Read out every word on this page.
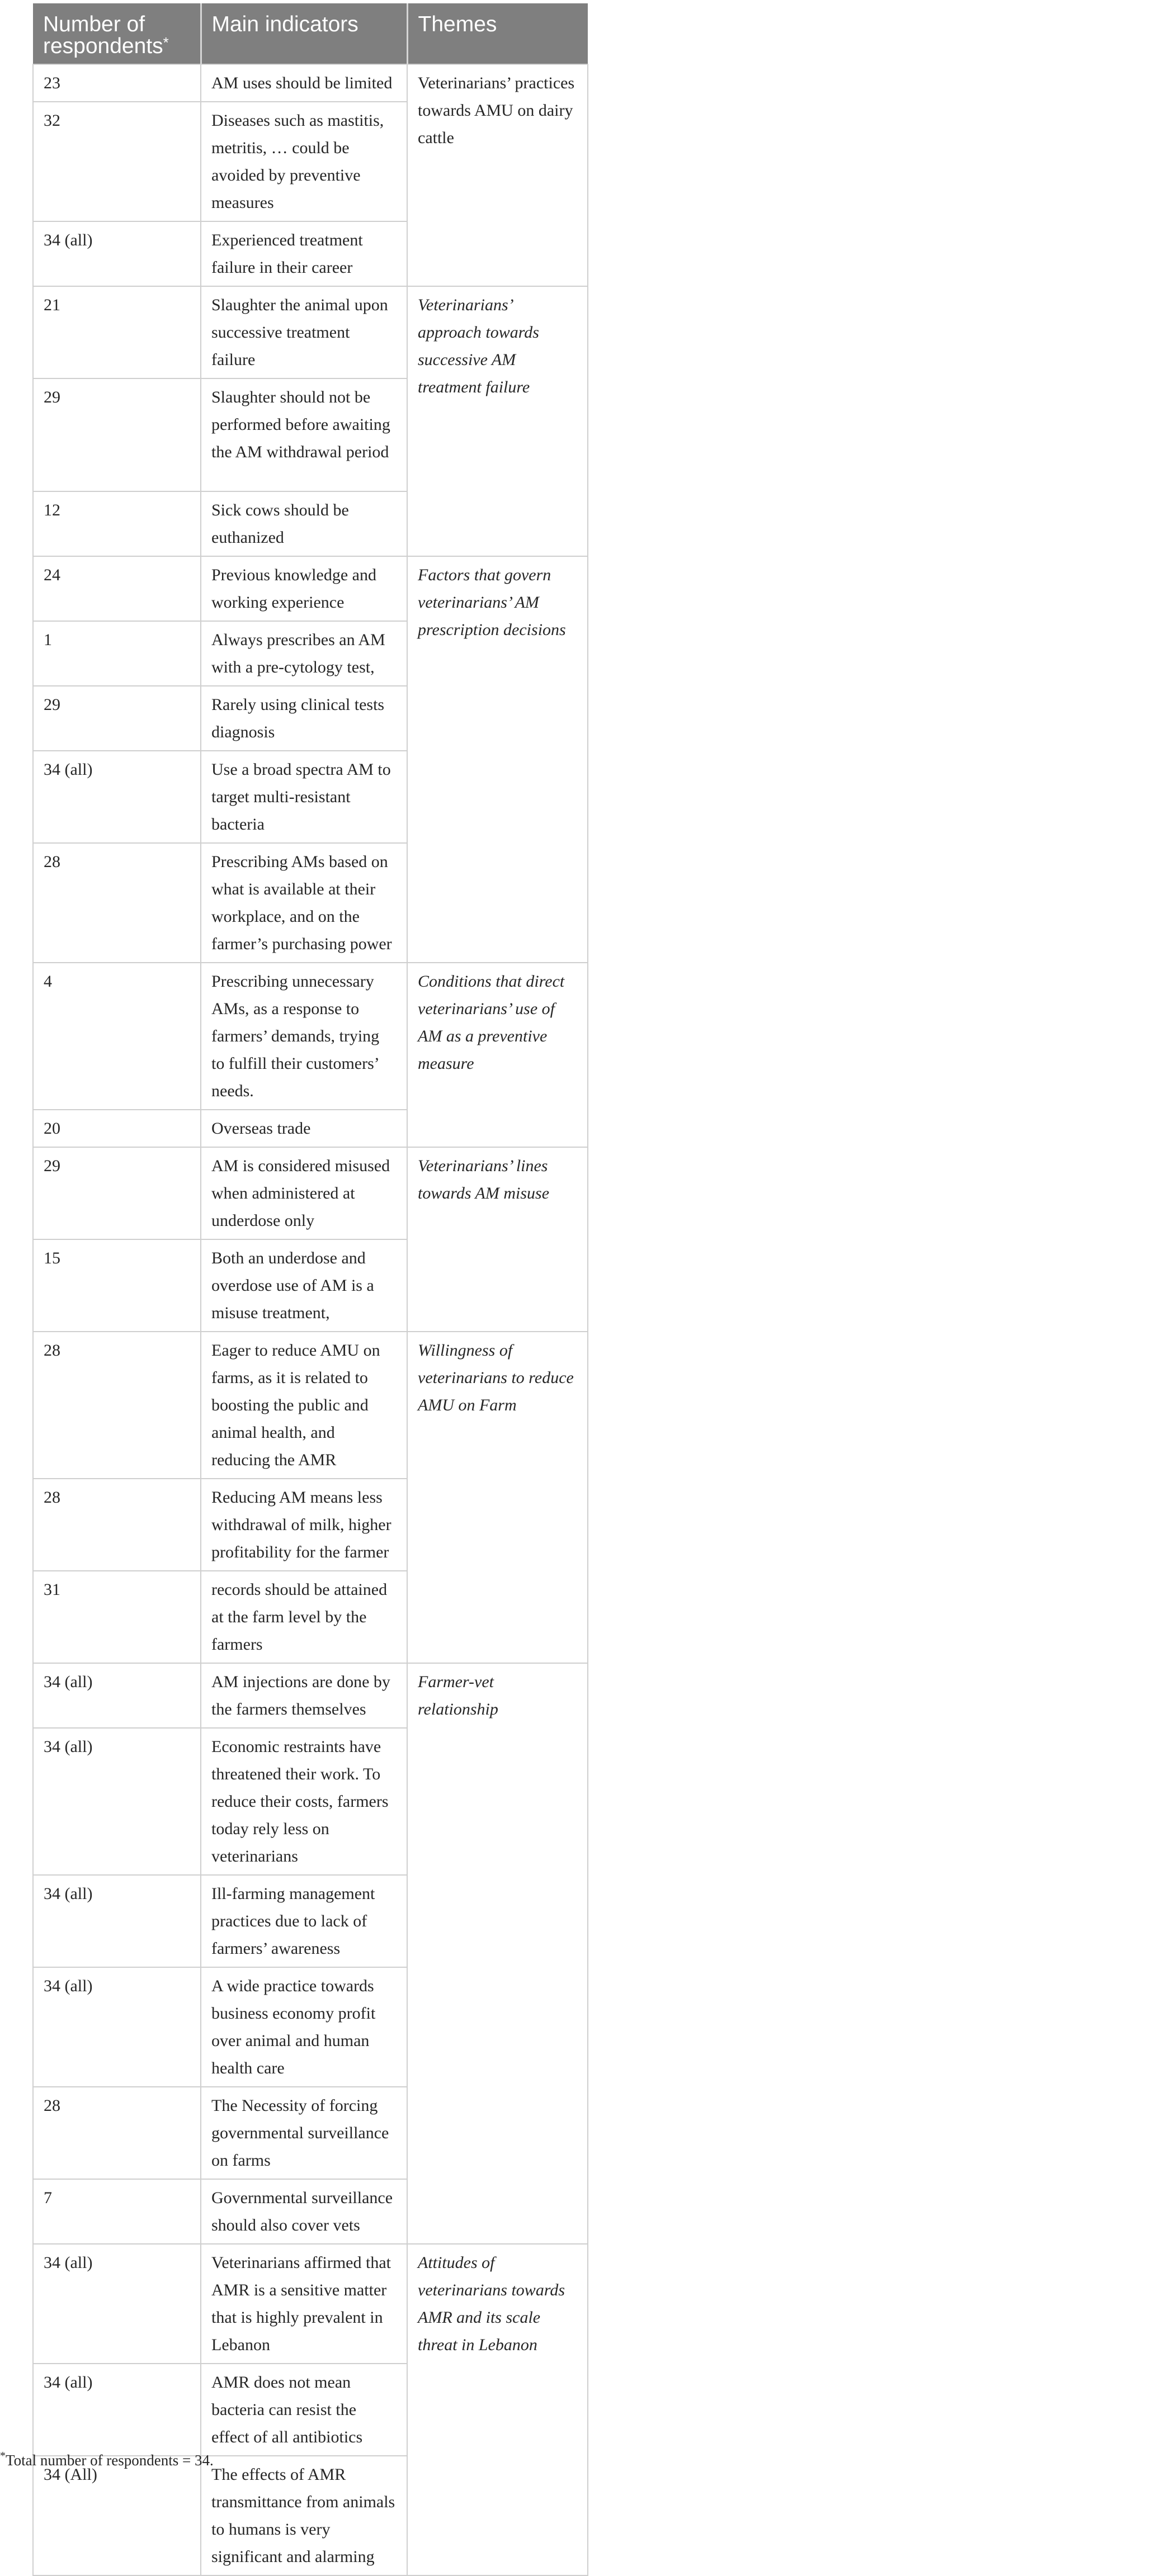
Number of respondents*	Main indicators	Themes
23	AM uses should be limited	Veterinarians’ practices towards AMU on dairy cattle
32	Diseases such as mastitis, metritis, … could be avoided by preventive measures	
34 (all)	Experienced treatment failure in their career	
21	Slaughter the animal upon successive treatment failure	Veterinarians’ approach towards successive AM treatment failure
29	Slaughter should not be performed before awaiting the AM withdrawal period	
12	Sick cows should be euthanized	
24	Previous knowledge and working experience	Factors that govern veterinarians’ AM prescription decisions
1	Always prescribes an AM with a pre-cytology test,	
29	Rarely using clinical tests diagnosis	
34 (all)	Use a broad spectra AM to target multi-resistant bacteria	
28	Prescribing AMs based on what is available at their workplace, and on the farmer’s purchasing power	
4	Prescribing unnecessary AMs, as a response to farmers’ demands, trying to fulfill their customers’ needs.	Conditions that direct veterinarians’ use of AM as a preventive measure
20	Overseas trade	
29	AM is considered misused when administered at underdose only	Veterinarians’ lines towards AM misuse
15	Both an underdose and overdose use of AM is a misuse treatment,	
28	Eager to reduce AMU on farms, as it is related to boosting the public and animal health, and reducing the AMR	Willingness of veterinarians to reduce AMU on Farm
28	Reducing AM means less withdrawal of milk, higher profitability for the farmer	
31	records should be attained at the farm level by the farmers	
34 (all)	AM injections are done by the farmers themselves	Farmer-vet relationship
34 (all)	Economic restraints have threatened their work. To reduce their costs, farmers today rely less on veterinarians	
34 (all)	Ill-farming management practices due to lack of farmers’ awareness	
34 (all)	A wide practice towards business economy profit over animal and human health care	
28	The Necessity of forcing governmental surveillance on farms	
7	Governmental surveillance should also cover vets	
34 (all)	Veterinarians affirmed that AMR is a sensitive matter that is highly prevalent in Lebanon	Attitudes of veterinarians towards AMR and its scale threat in Lebanon
34 (all)	AMR does not mean bacteria can resist the effect of all antibiotics	
34 (All)	The effects of AMR transmittance from animals to humans is very significant and alarming	
*Total number of respondents = 34.
